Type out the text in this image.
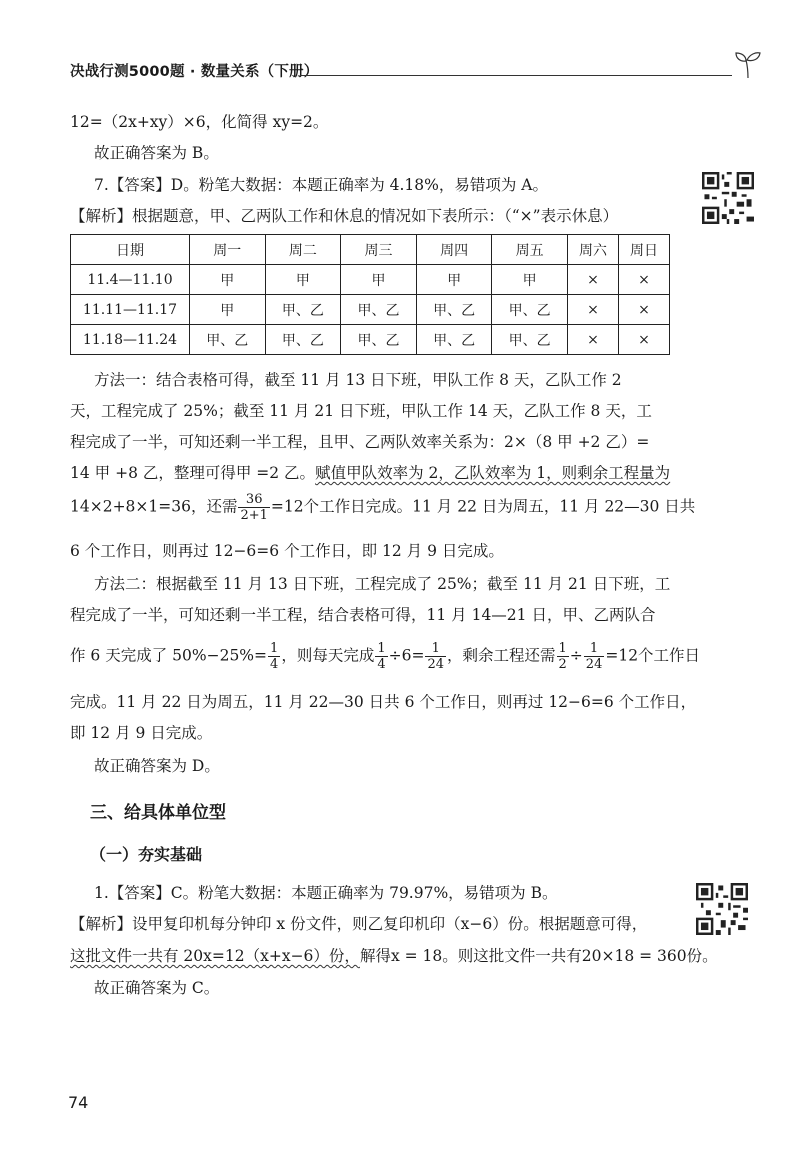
决战行测5000题 · 数量关系（下册）
12=（2x+xy）×6，化简得 xy=2。
故正确答案为 B。
7.【答案】D。粉笔大数据：本题正确率为 4.18%，易错项为 A。
【解析】根据题意，甲、乙两队工作和休息的情况如下表所示：（“×”表示休息）
日期	周一	周二	周三	周四	周五	周六	周日
11.4—11.10	甲	甲	甲	甲	甲	×	×
11.11—11.17	甲	甲、乙	甲、乙	甲、乙	甲、乙	×	×
11.18—11.24	甲、乙	甲、乙	甲、乙	甲、乙	甲、乙	×	×
方法一：结合表格可得，截至 11 月 13 日下班，甲队工作 8 天，乙队工作 2
天，工程完成了 25%；截至 11 月 21 日下班，甲队工作 14 天，乙队工作 8 天，工
程完成了一半，可知还剩一半工程，且甲、乙两队效率关系为：2×（8 甲 +2 乙）=
14 甲 +8 乙，整理可得甲 =2 乙。赋值甲队效率为 2，乙队效率为 1，则剩余工程量为
14×2+8×1=36，还需 $\frac{36}{2+1} =12$个工作日完成。11 月 22 日为周五，11 月 22—30 日共
6 个工作日，则再过 12−6=6 个工作日，即 12 月 9 日完成。
方法二：根据截至 11 月 13 日下班，工程完成了 25%；截至 11 月 21 日下班，工
程完成了一半，可知还剩一半工程，结合表格可得，11 月 14—21 日，甲、乙两队合
作 6 天完成了 $50\%-25\%= \frac{1}{4}$ ，则每天完成 $\frac{1}{4} \div 6= \frac{1}{24}$ ，剩余工程还需 $\frac{1}{2} \div \frac{1}{24} =12$个工作日
完成。11 月 22 日为周五，11 月 22—30 日共 6 个工作日，则再过 12−6=6 个工作日，
即 12 月 9 日完成。
故正确答案为 D。
三、给具体单位型
（一）夯实基础
1.【答案】C。粉笔大数据：本题正确率为 79.97%，易错项为 B。
【解析】设甲复印机每分钟印 x 份文件，则乙复印机印（x−6）份。根据题意可得，
这批文件一共有 20x=12（x+x−6）份，解得x = 18。则这批文件一共有20×18 = 360份。
故正确答案为 C。
74
